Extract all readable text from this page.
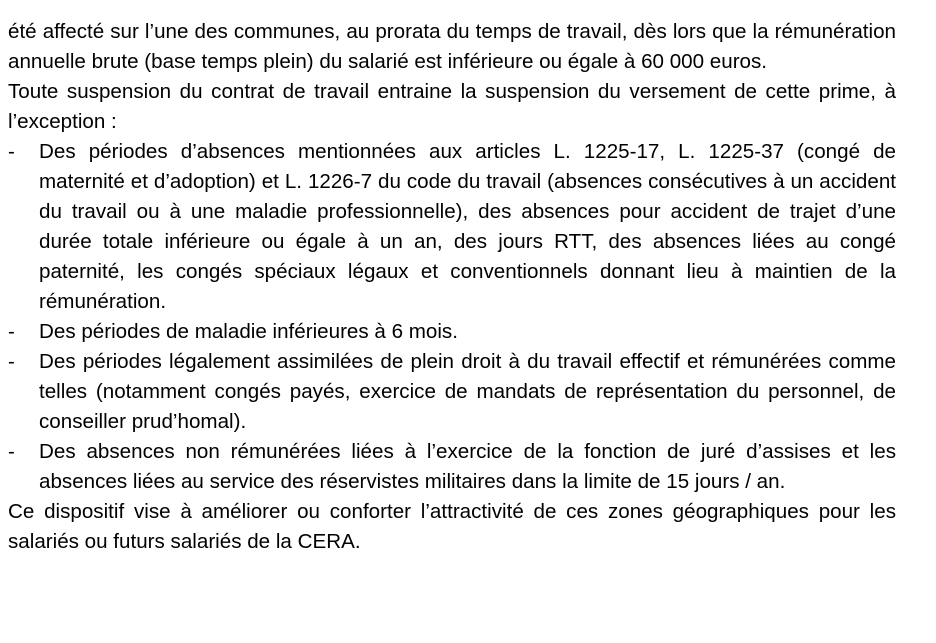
été affecté sur l’une des communes, au prorata du temps de travail, dès lors que la rémunération annuelle brute (base temps plein) du salarié est inférieure ou égale à 60 000 euros.

Toute suspension du contrat de travail entraine la suspension du versement de cette prime, à l’exception :

- Des périodes d’absences mentionnées aux articles L. 1225-17, L. 1225-37 (congé de maternité et d’adoption) et L. 1226-7 du code du travail (absences consécutives à un accident du travail ou à une maladie professionnelle), des absences pour accident de trajet d’une durée totale inférieure ou égale à un an, des jours RTT, des absences liées au congé paternité, les congés spéciaux légaux et conventionnels donnant lieu à maintien de la rémunération.
- Des périodes de maladie inférieures à 6 mois.
- Des périodes légalement assimilées de plein droit à du travail effectif et rémunérées comme telles (notamment congés payés, exercice de mandats de représentation du personnel, de conseiller prud’homal).
- Des absences non rémunérées liées à l’exercice de la fonction de juré d’assises et les absences liées au service des réservistes militaires dans la limite de 15 jours / an.

Ce dispositif vise à améliorer ou conforter l’attractivité de ces zones géographiques pour les salariés ou futurs salariés de la CERA.
